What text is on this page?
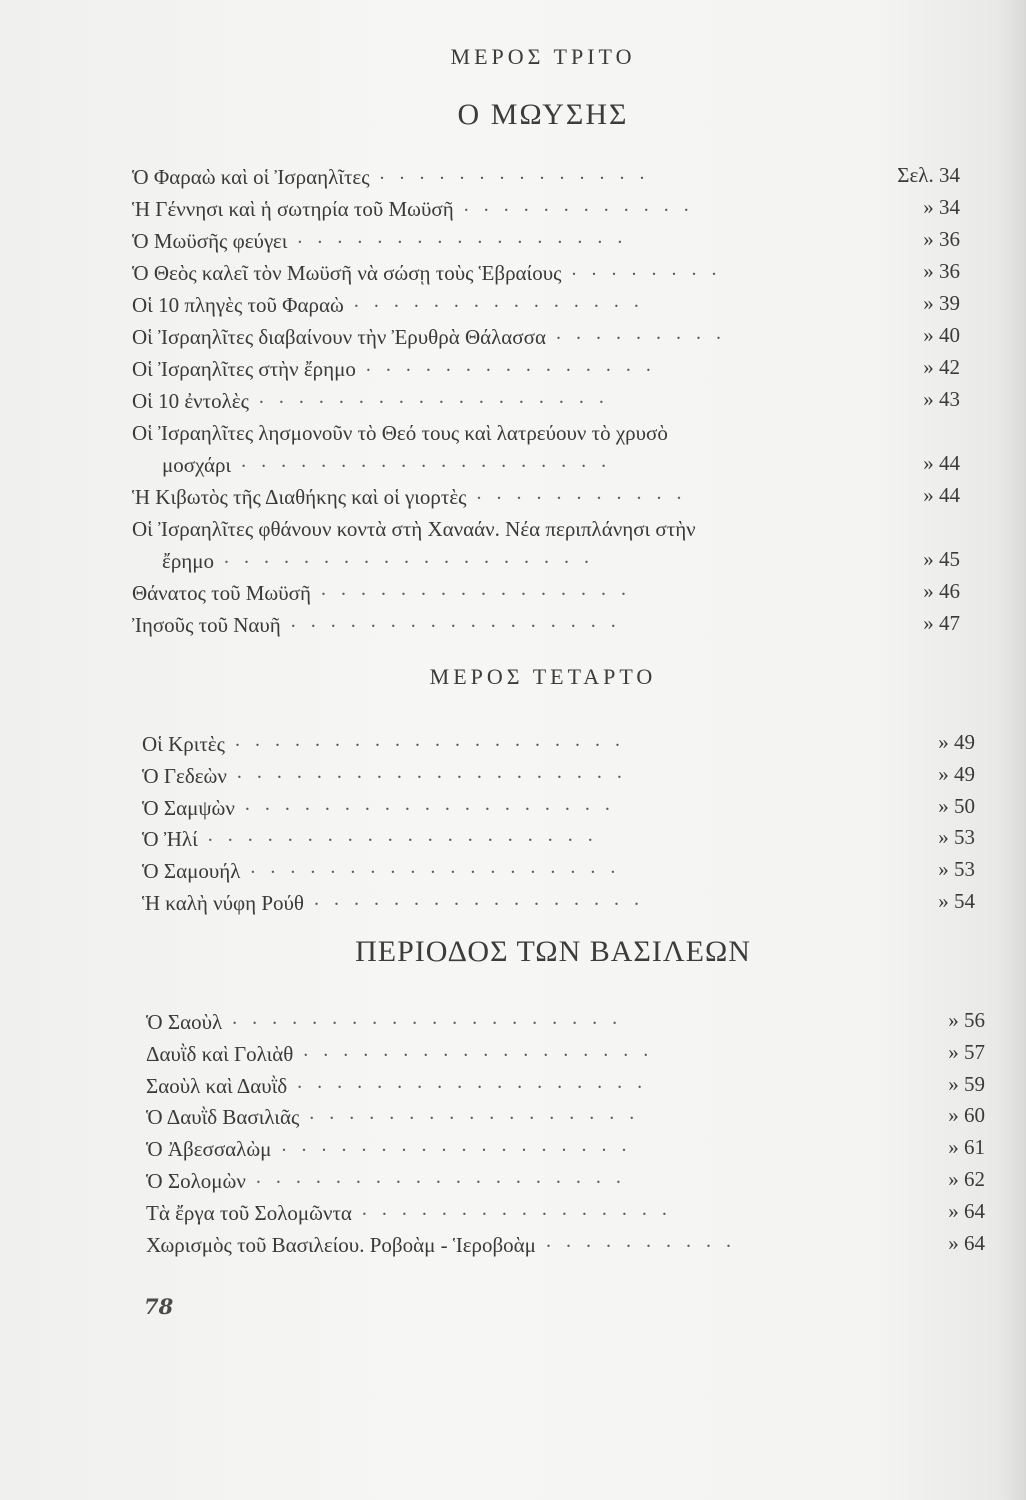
ΜΕΡΟΣ ΤΡΙΤΟ
Ο ΜΩΥΣΗΣ
Ὁ Φαραὼ καὶ οἱ Ἰσραηλῖτες ..............	Σελ. 34
Ἡ Γέννησι καὶ ἡ σωτηρία τοῦ Μωϋσῆ ............	» 34
Ὁ Μωϋσῆς φεύγει .................	» 36
Ὁ Θεὸς καλεῖ τὸν Μωϋσῆ νὰ σώσῃ τοὺς Ἑβραίους ........	» 36
Οἱ 10 πληγὲς τοῦ Φαραὼ ...............	» 39
Οἱ Ἰσραηλῖτες διαβαίνουν τὴν Ἐρυθρὰ Θάλασσα .........	» 40
Οἱ Ἰσραηλῖτες στὴν ἔρημο ...............	» 42
Οἱ 10 ἐντολὲς ..................	» 43
Οἱ Ἰσραηλῖτες λησμονοῦν τὸ Θεό τους καὶ λατρεύουν τὸ χρυσὸ
μοσχάρι ...................	» 44
Ἡ Κιβωτὸς τῆς Διαθήκης καὶ οἱ γιορτὲς ...........	» 44
Οἱ Ἰσραηλῖτες φθάνουν κοντὰ στὴ Χαναάν. Νέα περιπλάνησι στὴν
ἔρημο ...................	» 45
Θάνατος τοῦ Μωϋσῆ ................	» 46
Ἰησοῦς τοῦ Ναυῆ .................	» 47
ΜΕΡΟΣ ΤΕΤΑΡΤΟ
Οἱ Κριτὲς ....................	» 49
Ὁ Γεδεὼν ....................	» 49
Ὁ Σαμψὼν ...................	» 50
Ὁ Ἠλί ....................	» 53
Ὁ Σαμουήλ ...................	» 53
Ἡ καλὴ νύφη Ρούθ .................	» 54
ΠΕΡΙΟΔΟΣ ΤΩΝ ΒΑΣΙΛΕΩΝ
Ὁ Σαοὺλ ....................	» 56
Δαυῒδ καὶ Γολιὰθ ..................	» 57
Σαοὺλ καὶ Δαυῒδ ..................	» 59
Ὁ Δαυῒδ Βασιλιᾶς .................	» 60
Ὁ Ἀβεσσαλὼμ ..................	» 61
Ὁ Σολομὼν ...................	» 62
Τὰ ἔργα τοῦ Σολομῶντα ................	» 64
Χωρισμὸς τοῦ Βασιλείου. Ροβοὰμ - Ἱεροβοὰμ ..........	» 64
78
